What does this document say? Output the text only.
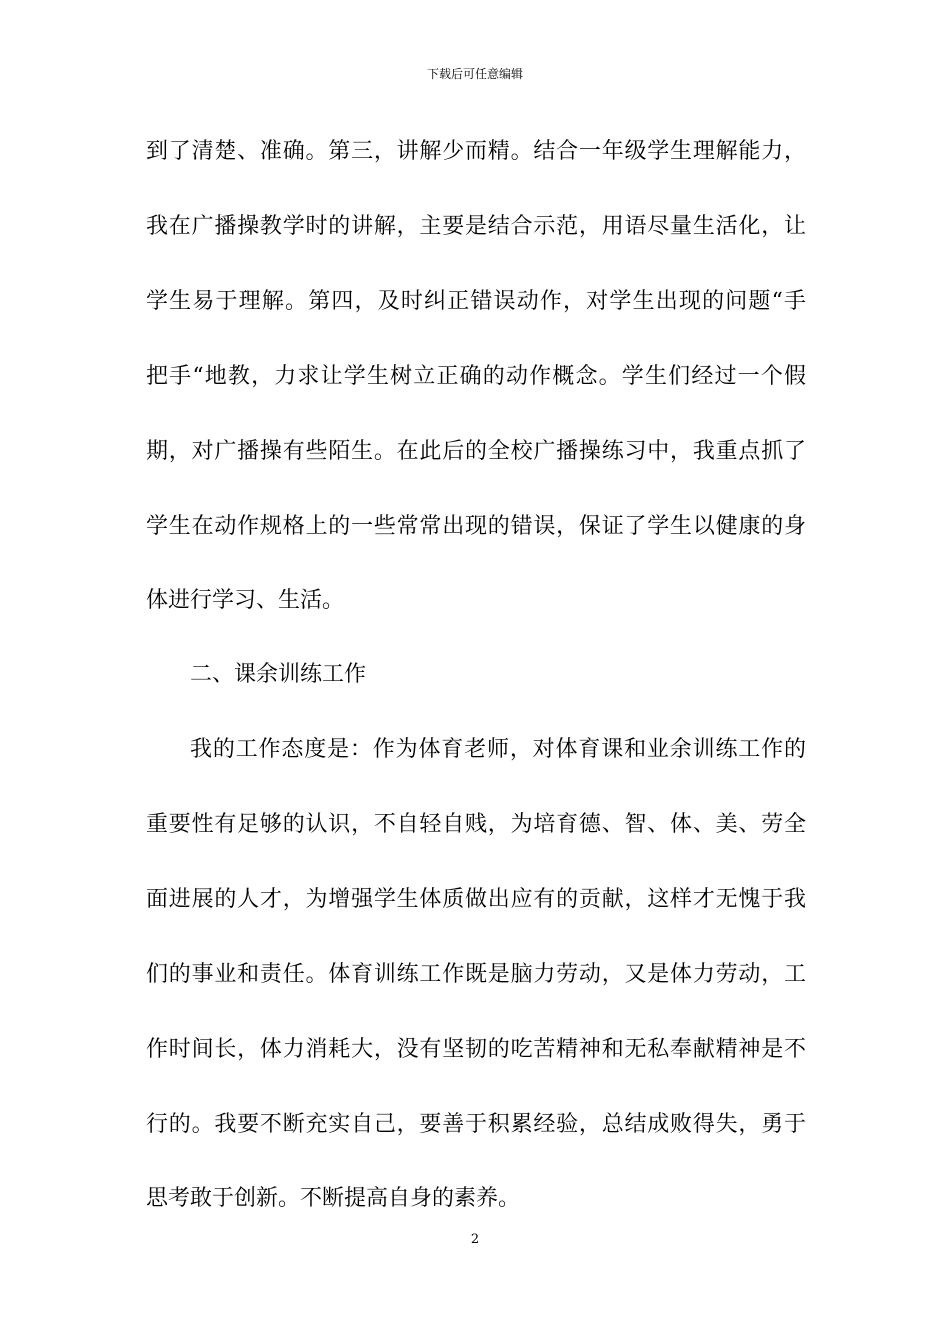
下载后可任意编辑
到了清楚、准确。第三，讲解少而精。结合一年级学生理解能力，
我在广播操教学时的讲解，主要是结合示范，用语尽量生活化，让
学生易于理解。第四，及时纠正错误动作，对学生出现的问题“手
把手“地教，力求让学生树立正确的动作概念。学生们经过一个假
期，对广播操有些陌生。在此后的全校广播操练习中，我重点抓了
学生在动作规格上的一些常常出现的错误，保证了学生以健康的身
体进行学习、生活。
二、课余训练工作
我的工作态度是：作为体育老师，对体育课和业余训练工作的
重要性有足够的认识，不自轻自贱，为培育德、智、体、美、劳全
面进展的人才，为增强学生体质做出应有的贡献，这样才无愧于我
们的事业和责任。体育训练工作既是脑力劳动，又是体力劳动，工
作时间长，体力消耗大，没有坚韧的吃苦精神和无私奉献精神是不
行的。我要不断充实自己，要善于积累经验，总结成败得失，勇于
思考敢于创新。不断提高自身的素养。
2
